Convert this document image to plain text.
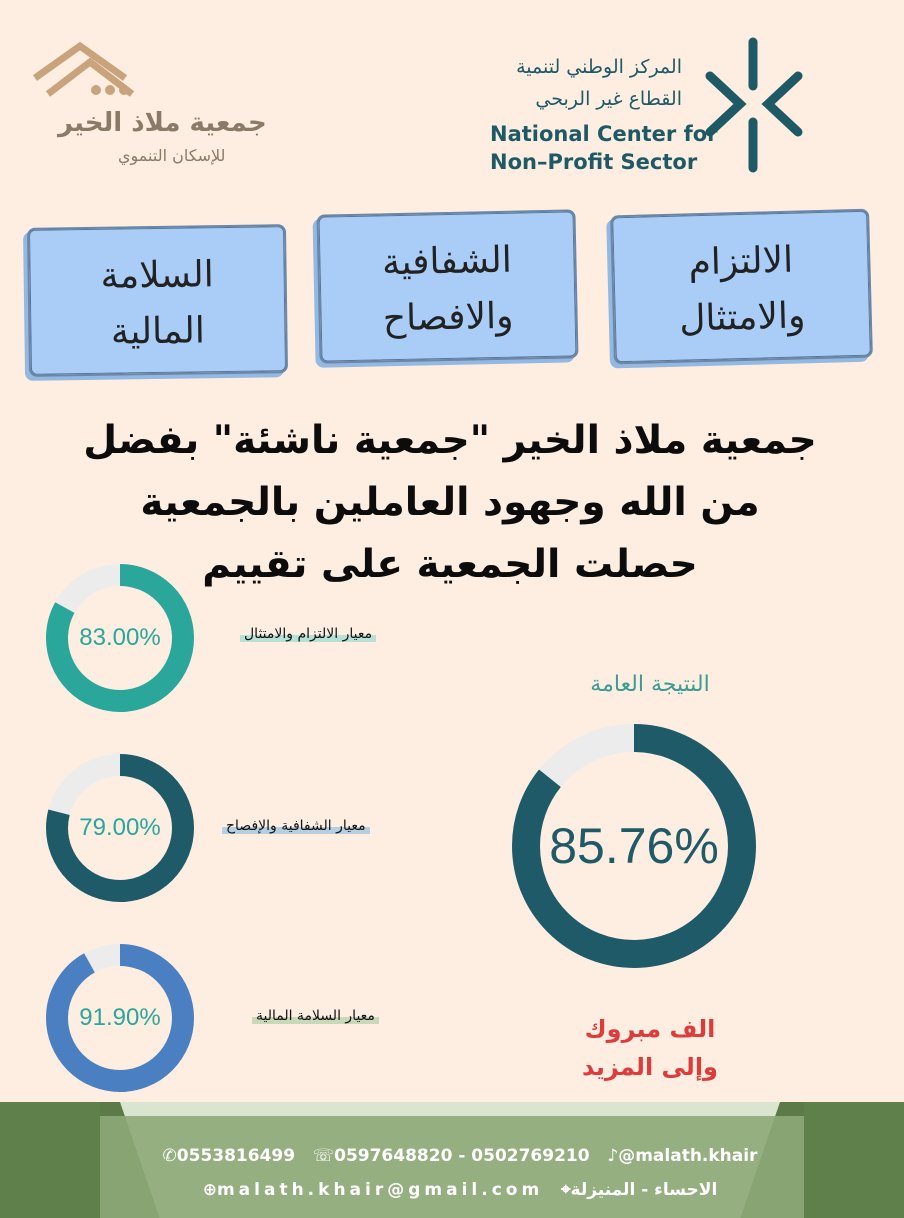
جمعية ملاذ الخير
للإسكان التنموي
المركز الوطني لتنمية
القطاع غير الربحي
National Center for
Non–Profit Sector
السلامة
المالية
الشفافية
والافصاح
الالتزام
والامتثال
جمعية ملاذ الخير "جمعية ناشئة" بفضل من الله وجهود العاملين بالجمعية حصلت الجمعية على تقييم
83.00%	معيار الالتزام والامتثال
79.00%	معيار الشفافية والإفصاح
91.90%	معيار السلامة المالية
النتيجة العامة
85.76%
الف مبروك
وإلى المزيد
✆0553816499 ☏0597648820 - 0502769210 ♪@malath.khair
⊕malath.khair@gmail.com ⌖الاحساء - المنيزلة
